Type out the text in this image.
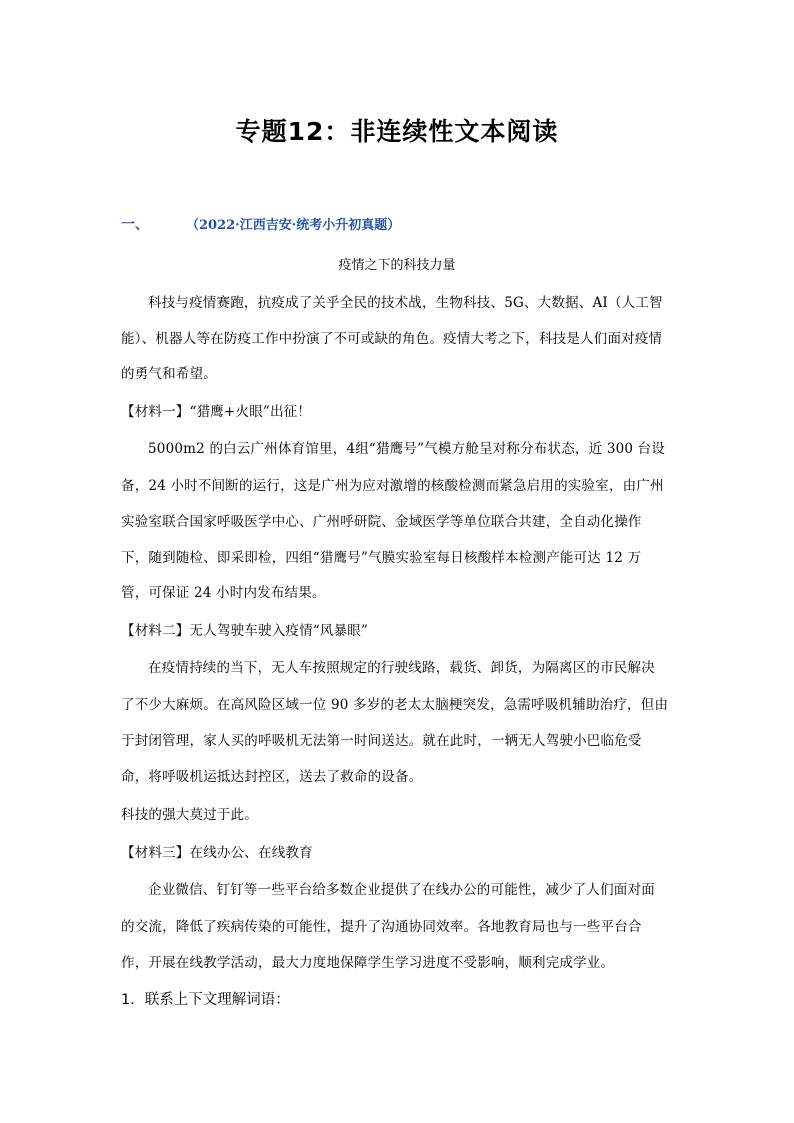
专题12：非连续性文本阅读
一、	（2022·江西吉安·统考小升初真题）
疫情之下的科技力量
科技与疫情赛跑，抗疫成了关乎全民的技术战，生物科技、5G、大数据、AI（人工智
能）、机器人等在防疫工作中扮演了不可或缺的角色。疫情大考之下，科技是人们面对疫情
的勇气和希望。
【材料一】“猎鹰+火眼”出征！
5000m2 的白云广州体育馆里，4组“猎鹰号”气模方舱呈对称分布状态，近 300 台设
备，24 小时不间断的运行，这是广州为应对激增的核酸检测而紧急启用的实验室，由广州
实验室联合国家呼吸医学中心、广州呼研院、金域医学等单位联合共建，全自动化操作
下，随到随检、即采即检，四组“猎鹰号”气膜实验室每日核酸样本检测产能可达 12 万
管，可保证 24 小时内发布结果。
【材料二】无人驾驶车驶入疫情“风暴眼”
在疫情持续的当下，无人车按照规定的行驶线路，载货、卸货，为隔离区的市民解决
了不少大麻烦。在高风险区域一位 90 多岁的老太太脑梗突发，急需呼吸机辅助治疗，但由
于封闭管理，家人买的呼吸机无法第一时间送达。就在此时，一辆无人驾驶小巴临危受
命，将呼吸机运抵达封控区，送去了救命的设备。
科技的强大莫过于此。
【材料三】在线办公、在线教育
企业微信、钉钉等一些平台给多数企业提供了在线办公的可能性，减少了人们面对面
的交流，降低了疾病传染的可能性，提升了沟通协同效率。各地教育局也与一些平台合
作，开展在线教学活动，最大力度地保障学生学习进度不受影响，顺利完成学业。
1．联系上下文理解词语：
